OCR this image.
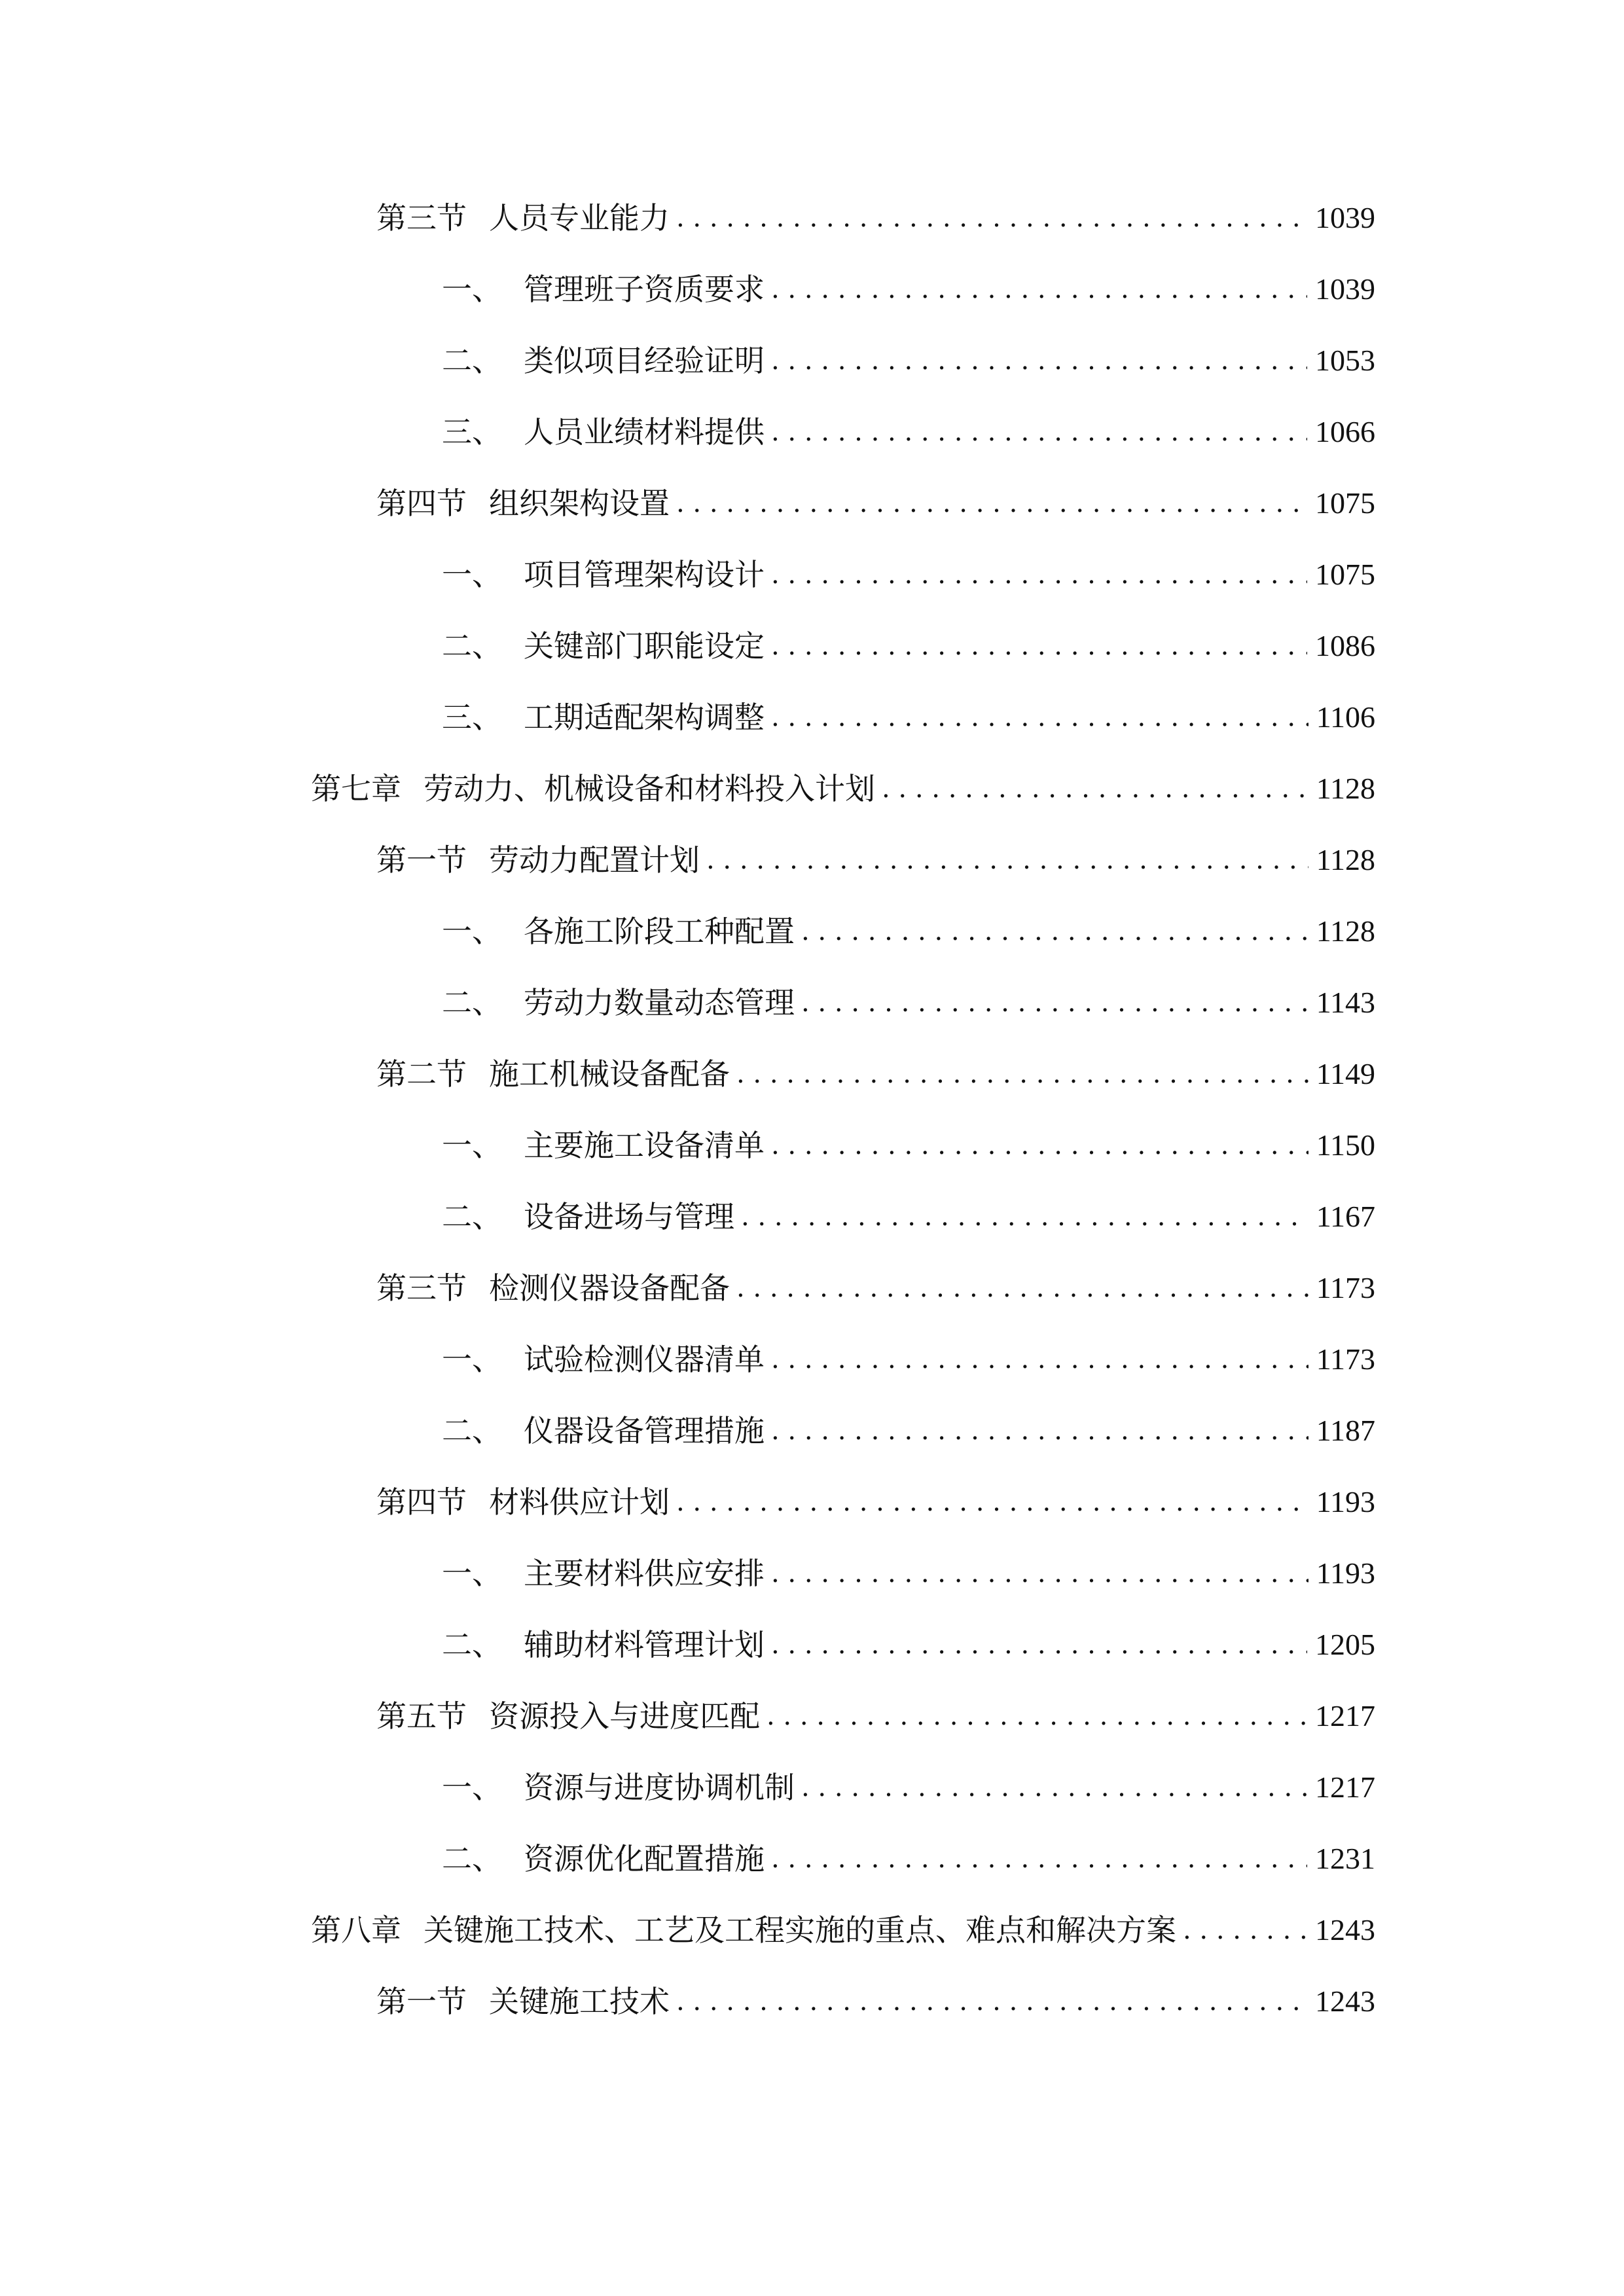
第三节 人员专业能力 . . .	1039
一、 管理班子资质要求 . . .	1039
二、 类似项目经验证明 . . .	1053
三、 人员业绩材料提供 . . .	1066
第四节 组织架构设置 . . .	1075
一、 项目管理架构设计 . . .	1075
二、 关键部门职能设定 . . .	1086
三、 工期适配架构调整 . . .	1106
第七章 劳动力、机械设备和材料投入计划 . . .	1128
第一节 劳动力配置计划 . . .	1128
一、 各施工阶段工种配置 . . .	1128
二、 劳动力数量动态管理 . . .	1143
第二节 施工机械设备配备 . . .	1149
一、 主要施工设备清单 . . .	1150
二、 设备进场与管理 . . .	1167
第三节 检测仪器设备配备 . . .	1173
一、 试验检测仪器清单 . . .	1173
二、 仪器设备管理措施 . . .	1187
第四节 材料供应计划 . . .	1193
一、 主要材料供应安排 . . .	1193
二、 辅助材料管理计划 . . .	1205
第五节 资源投入与进度匹配 . . .	1217
一、 资源与进度协调机制 . . .	1217
二、 资源优化配置措施 . . .	1231
第八章 关键施工技术、工艺及工程实施的重点、难点和解决方案 . . .	1243
第一节 关键施工技术 . . .	1243
